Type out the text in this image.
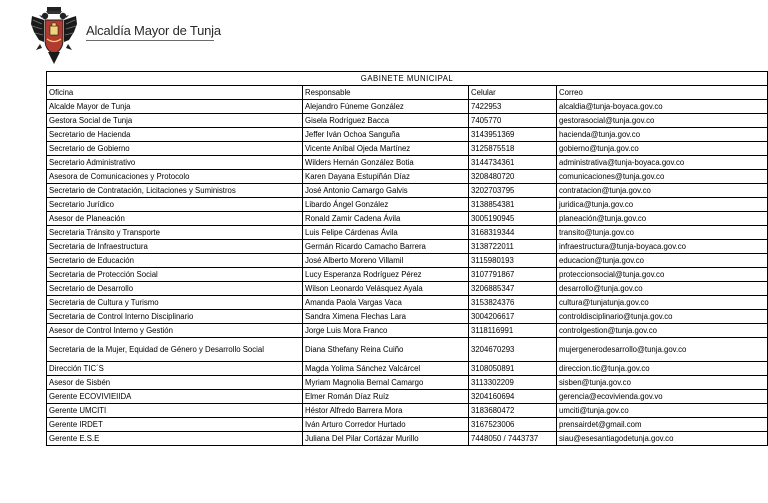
Alcaldía Mayor de Tunja
GABINETE MUNICIPAL			
Oficina	Responsable	Celular	Correo
Alcalde Mayor de Tunja	Alejandro Fúneme González	7422953	alcaldia@tunja-boyaca.gov.co
Gestora Social de Tunja	Gisela Rodríguez Bacca	7405770	gestorasocial@tunja.gov.co
Secretario de Hacienda	Jeffer Iván Ochoa Sanguña	3143951369	hacienda@tunja.gov.co
Secretario de Gobierno	Vicente Aníbal Ojeda Martínez	3125875518	gobierno@tunja.gov.co
Secretario Administrativo	Wilders Hernán González Botia	3144734361	administrativa@tunja-boyaca.gov.co
Asesora de Comunicaciones y Protocolo	Karen Dayana Estupiñán Díaz	3208480720	comunicaciones@tunja.gov.co
Secretario de Contratación, Licitaciones y Suministros	José Antonio Camargo Galvis	3202703795	contratacion@tunja.gov.co
Secretario Jurídico	Libardo Ángel González	3138854381	juridica@tunja.gov.co
Asesor de Planeación	Ronald Zamir Cadena Ávila	3005190945	planeación@tunja.gov.co
Secretaria Tránsito y Transporte	Luis Felipe Cárdenas Ávila	3168319344	transito@tunja.gov.co
Secretaria de Infraestructura	Germán Ricardo Camacho Barrera	3138722011	infraestructura@tunja-boyaca.gov.co
Secretario de Educación	José Alberto Moreno Villamil	3115980193	educacion@tunja.gov.co
Secretaria de Protección Social	Lucy Esperanza Rodríguez Pérez	3107791867	proteccionsocial@tunja.gov.co
Secretario de Desarrollo	Wilson Leonardo Velásquez Ayala	3206885347	desarrollo@tunja.gov.co
Secretaria de Cultura y Turismo	Amanda Paola Vargas Vaca	3153824376	cultura@tunjatunja.gov.co
Secretaria de Control Interno Disciplinario	Sandra Ximena Flechas Lara	3004206617	controldisciplinario@tunja.gov.co
Asesor de Control Interno y Gestión	Jorge Luis Mora Franco	3118116991	controlgestion@tunja.gov.co
Secretaria de la Mujer, Equidad de Género y Desarrollo Social	Diana Sthefany Reina Cuiño	3204670293	mujergenerodesarrollo@tunja.gov.co
Dirección TIC´S	Magda Yolima Sánchez Valcárcel	3108050891	direccion.tic@tunja.gov.co
Asesor de Sisbén	Myriam Magnolia Bernal Camargo	3113302209	sisben@tunja.gov.co
Gerente ECOVIVIEIIDA	Elmer Román Díaz Ruíz	3204160694	gerencia@ecovivienda.gov.vo
Gerente UMCITI	Héstor Alfredo Barrera Mora	3183680472	umciti@tunja.gov.co
Gerente IRDET	Iván Arturo Corredor Hurtado	3167523006	prensairdet@gmail.com
Gerente E.S.E	Juliana Del Pilar Cortázar Murillo	7448050 / 7443737	siau@esesantiagodetunja.gov.co
